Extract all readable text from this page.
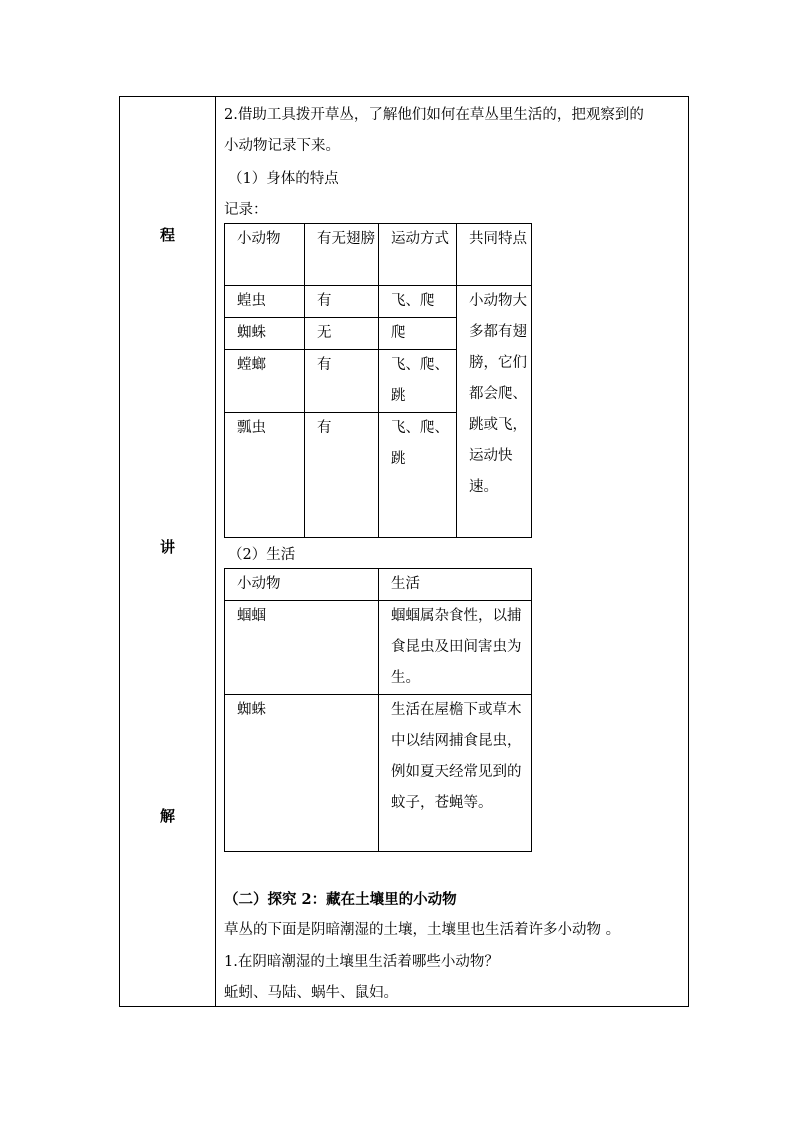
程
讲
解
2.借助工具拨开草丛，了解他们如何在草丛里生活的，把观察到的
小动物记录下来。
（1）身体的特点
记录：
小动物	有无翅膀	运动方式	共同特点
蝗虫	有	飞、爬	小动物大多都有翅膀，它们都会爬、跳或飞，运动快速。
蜘蛛	无	爬	
螳螂	有	飞、爬、跳	
瓢虫	有	飞、爬、跳	
（2）生活
小动物	生活
蝈蝈	蝈蝈属杂食性，以捕食昆虫及田间害虫为生。
蜘蛛	生活在屋檐下或草木中以结网捕食昆虫，例如夏天经常见到的蚊子，苍蝇等。
（二）探究 2：藏在土壤里的小动物
草丛的下面是阴暗潮湿的土壤，土壤里也生活着许多小动物 。
1.在阴暗潮湿的土壤里生活着哪些小动物？
蚯蚓、马陆、蜗牛、鼠妇。
